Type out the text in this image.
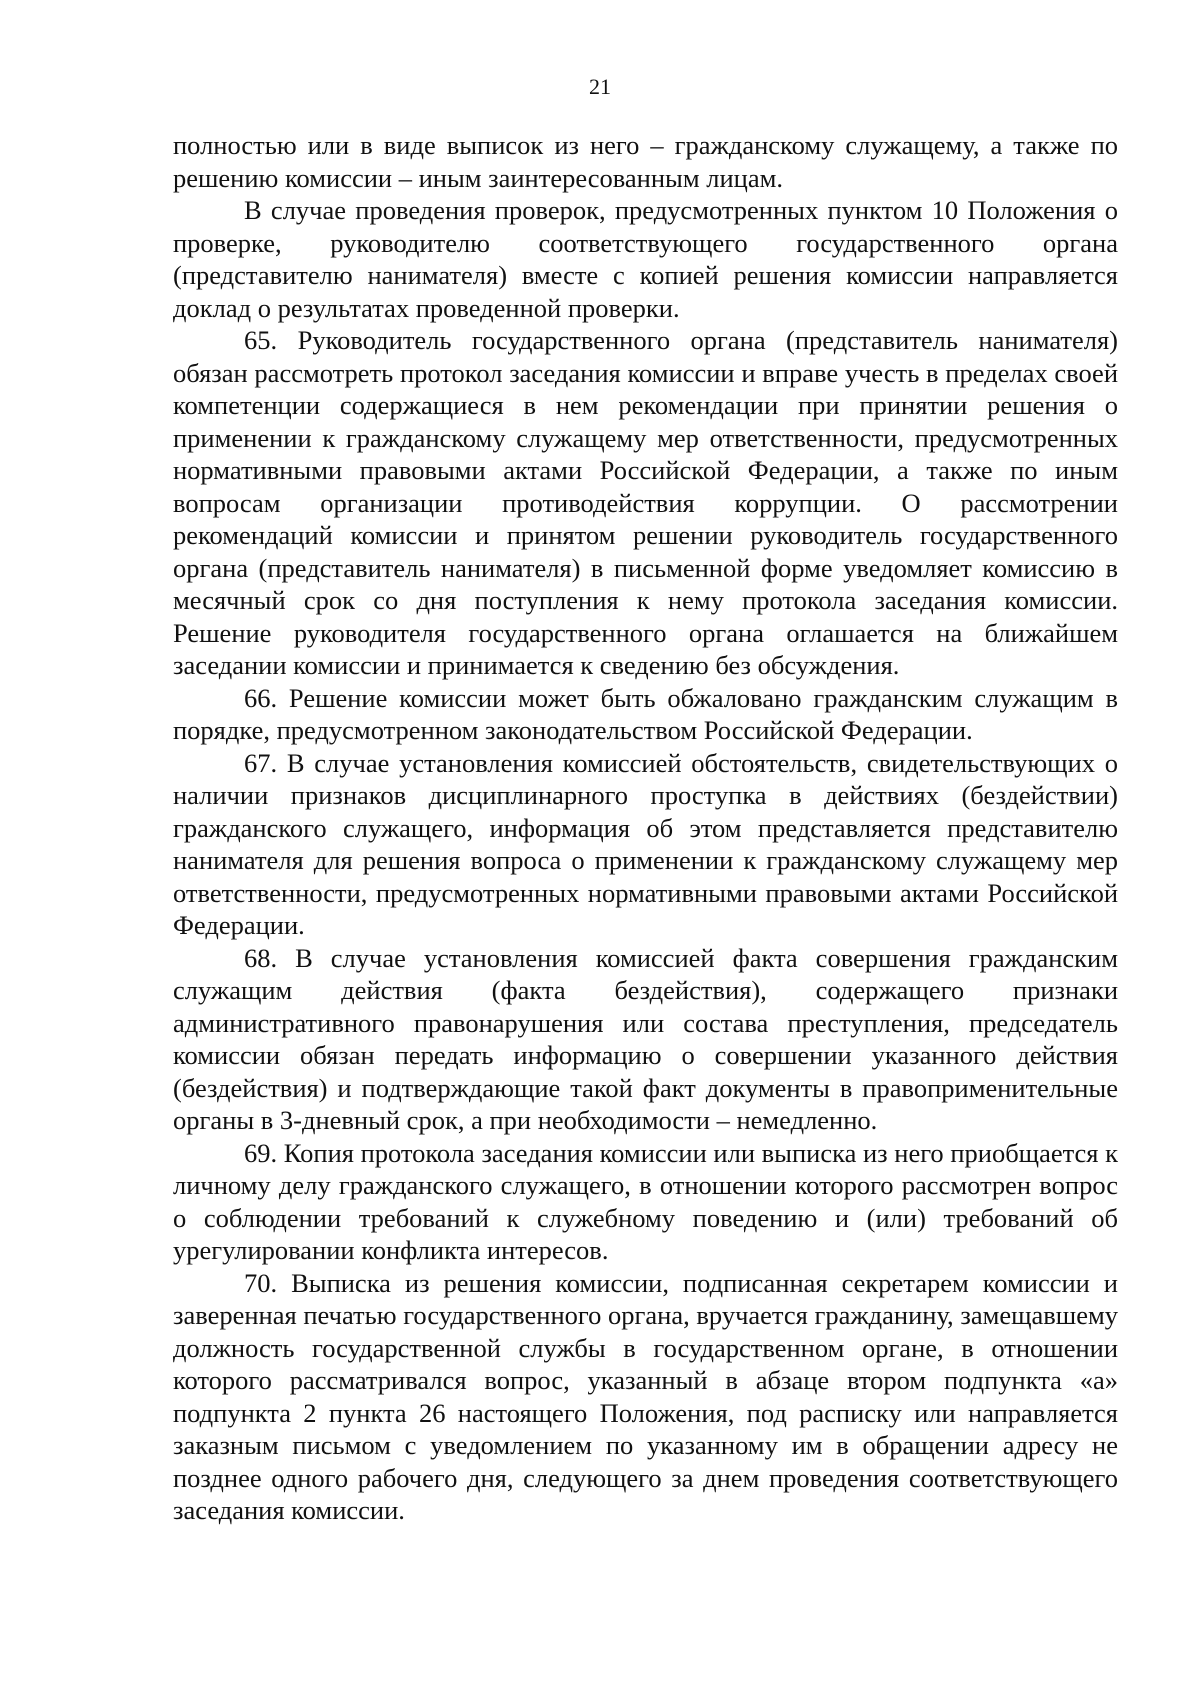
21

полностью или в виде выписок из него – гражданскому служащему, а также по решению комиссии – иным заинтересованным лицам.

В случае проведения проверок, предусмотренных пунктом 10 Положения о проверке, руководителю соответствующего государственного органа (представителю нанимателя) вместе с копией решения комиссии направляется доклад о результатах проведенной проверки.

65. Руководитель государственного органа (представитель нанимателя) обязан рассмотреть протокол заседания комиссии и вправе учесть в пределах своей компетенции содержащиеся в нем рекомендации при принятии решения о применении к гражданскому служащему мер ответственности, предусмотренных нормативными правовыми актами Российской Федерации, а также по иным вопросам организации противодействия коррупции. О рассмотрении рекомендаций комиссии и принятом решении руководитель государственного органа (представитель нанимателя) в письменной форме уведомляет комиссию в месячный срок со дня поступления к нему протокола заседания комиссии. Решение руководителя государственного органа оглашается на ближайшем заседании комиссии и принимается к сведению без обсуждения.

66. Решение комиссии может быть обжаловано гражданским служащим в порядке, предусмотренном законодательством Российской Федерации.

67. В случае установления комиссией обстоятельств, свидетельствующих о наличии признаков дисциплинарного проступка в действиях (бездействии) гражданского служащего, информация об этом представляется представителю нанимателя для решения вопроса о применении к гражданскому служащему мер ответственности, предусмотренных нормативными правовыми актами Российской Федерации.

68. В случае установления комиссией факта совершения гражданским служащим действия (факта бездействия), содержащего признаки административного правонарушения или состава преступления, председатель комиссии обязан передать информацию о совершении указанного действия (бездействия) и подтверждающие такой факт документы в правоприменительные органы в 3-дневный срок, а при необходимости – немедленно.

69. Копия протокола заседания комиссии или выписка из него приобщается к личному делу гражданского служащего, в отношении которого рассмотрен вопрос о соблюдении требований к служебному поведению и (или) требований об урегулировании конфликта интересов.

70. Выписка из решения комиссии, подписанная секретарем комиссии и заверенная печатью государственного органа, вручается гражданину, замещавшему должность государственной службы в государственном органе, в отношении которого рассматривался вопрос, указанный в абзаце втором подпункта «а» подпункта 2 пункта 26 настоящего Положения, под расписку или направляется заказным письмом с уведомлением по указанному им в обращении адресу не позднее одного рабочего дня, следующего за днем проведения соответствующего заседания комиссии.
